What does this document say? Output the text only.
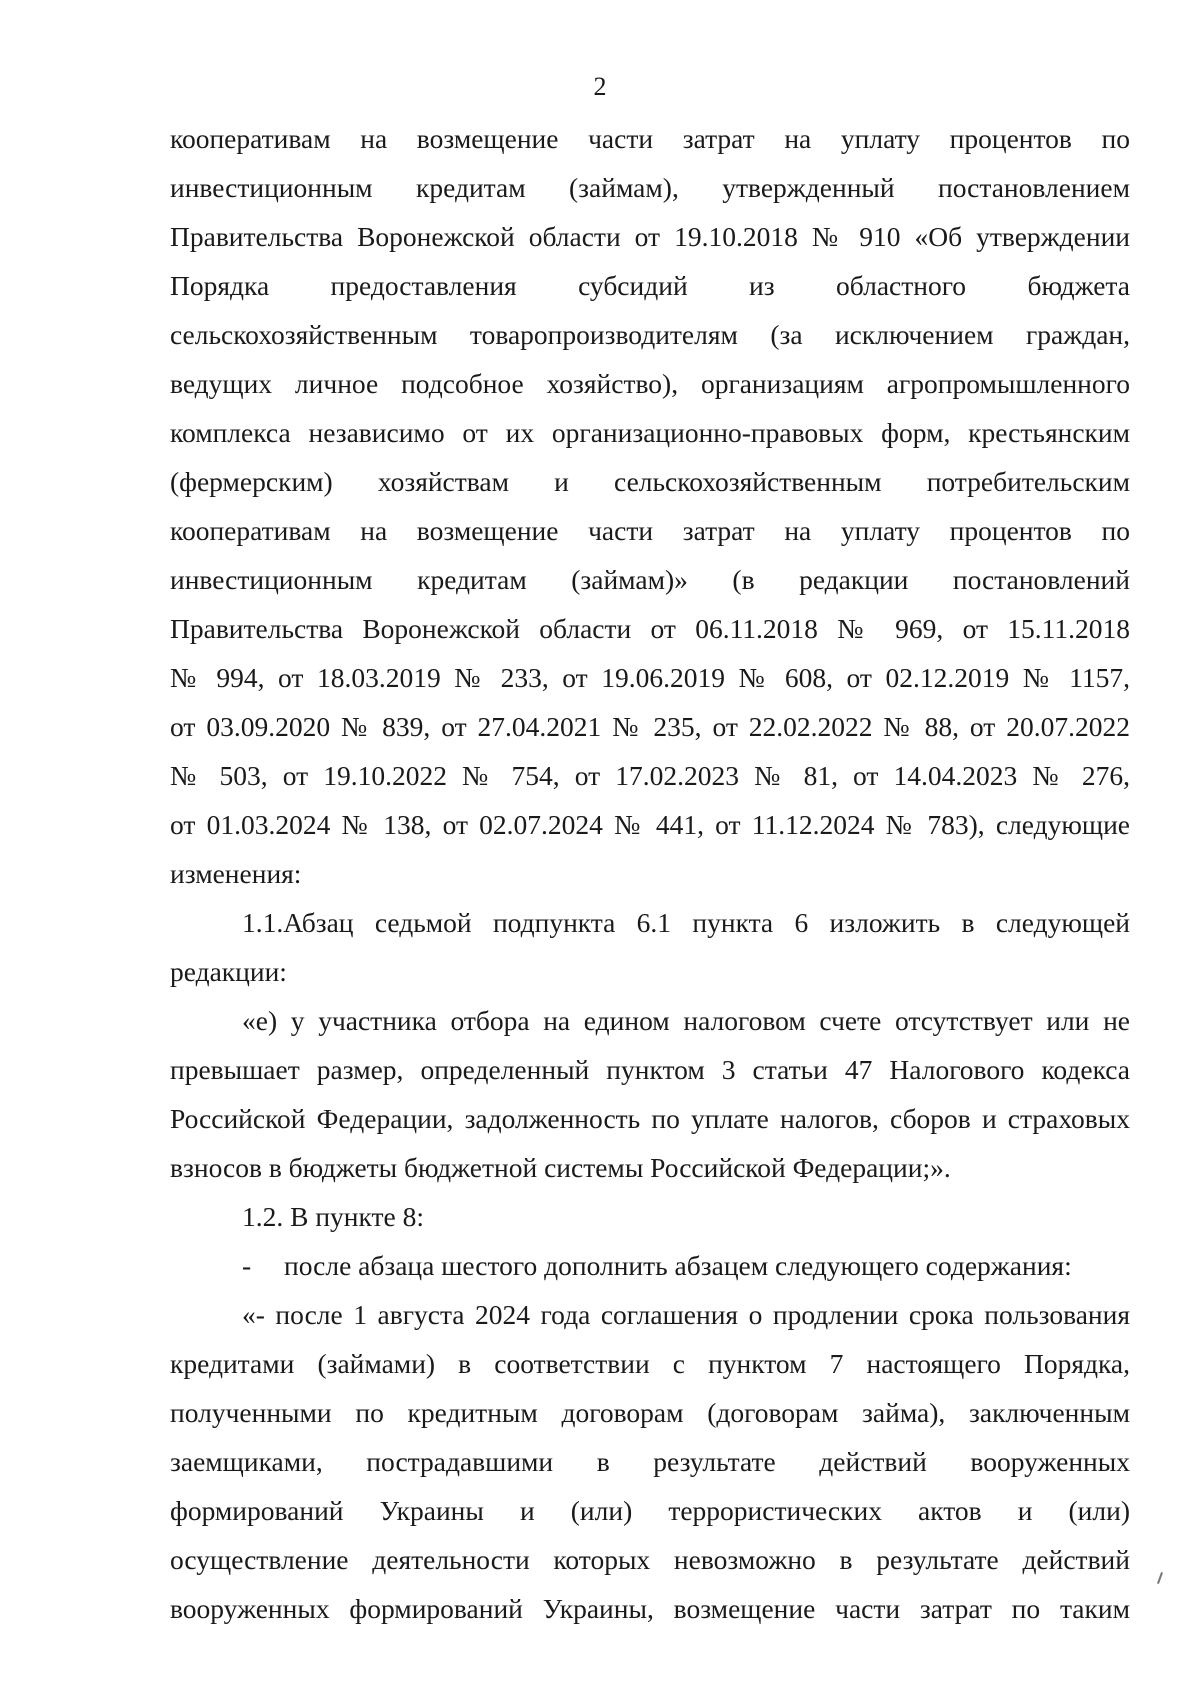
2

кооперативам на возмещение части затрат на уплату процентов по
инвестиционным кредитам (займам), утвержденный постановлением
Правительства Воронежской области от 19.10.2018 № 910 «Об утверждении
Порядка предоставления субсидий из областного бюджета
сельскохозяйственным товаропроизводителям (за исключением граждан,
ведущих личное подсобное хозяйство), организациям агропромышленного
комплекса независимо от их организационно-правовых форм, крестьянским
(фермерским) хозяйствам и сельскохозяйственным потребительским
кооперативам на возмещение части затрат на уплату процентов по
инвестиционным кредитам (займам)» (в редакции постановлений
Правительства Воронежской области от 06.11.2018 № 969, от 15.11.2018
№ 994, от 18.03.2019 № 233, от 19.06.2019 № 608, от 02.12.2019 № 1157,
от 03.09.2020 № 839, от 27.04.2021 № 235, от 22.02.2022 № 88, от 20.07.2022
№ 503, от 19.10.2022 № 754, от 17.02.2023 № 81, от 14.04.2023 № 276,
от 01.03.2024 № 138, от 02.07.2024 № 441, от 11.12.2024 № 783), следующие
изменения:

1.1.Абзац седьмой подпункта 6.1 пункта 6 изложить в следующей
редакции:

«е) у участника отбора на едином налоговом счете отсутствует или не
превышает размер, определенный пунктом 3 статьи 47 Налогового кодекса
Российской Федерации, задолженность по уплате налогов, сборов и страховых
взносов в бюджеты бюджетной системы Российской Федерации;».

1.2. В пункте 8:

-	после абзаца шестого дополнить абзацем следующего содержания:

«- после 1 августа 2024 года соглашения о продлении срока пользования
кредитами (займами) в соответствии с пунктом 7 настоящего Порядка,
полученными по кредитным договорам (договорам займа), заключенным
заемщиками, пострадавшими в результате действий вооруженных
формирований Украины и (или) террористических актов и (или)
осуществление деятельности которых невозможно в результате действий
вооруженных формирований Украины, возмещение части затрат по таким
